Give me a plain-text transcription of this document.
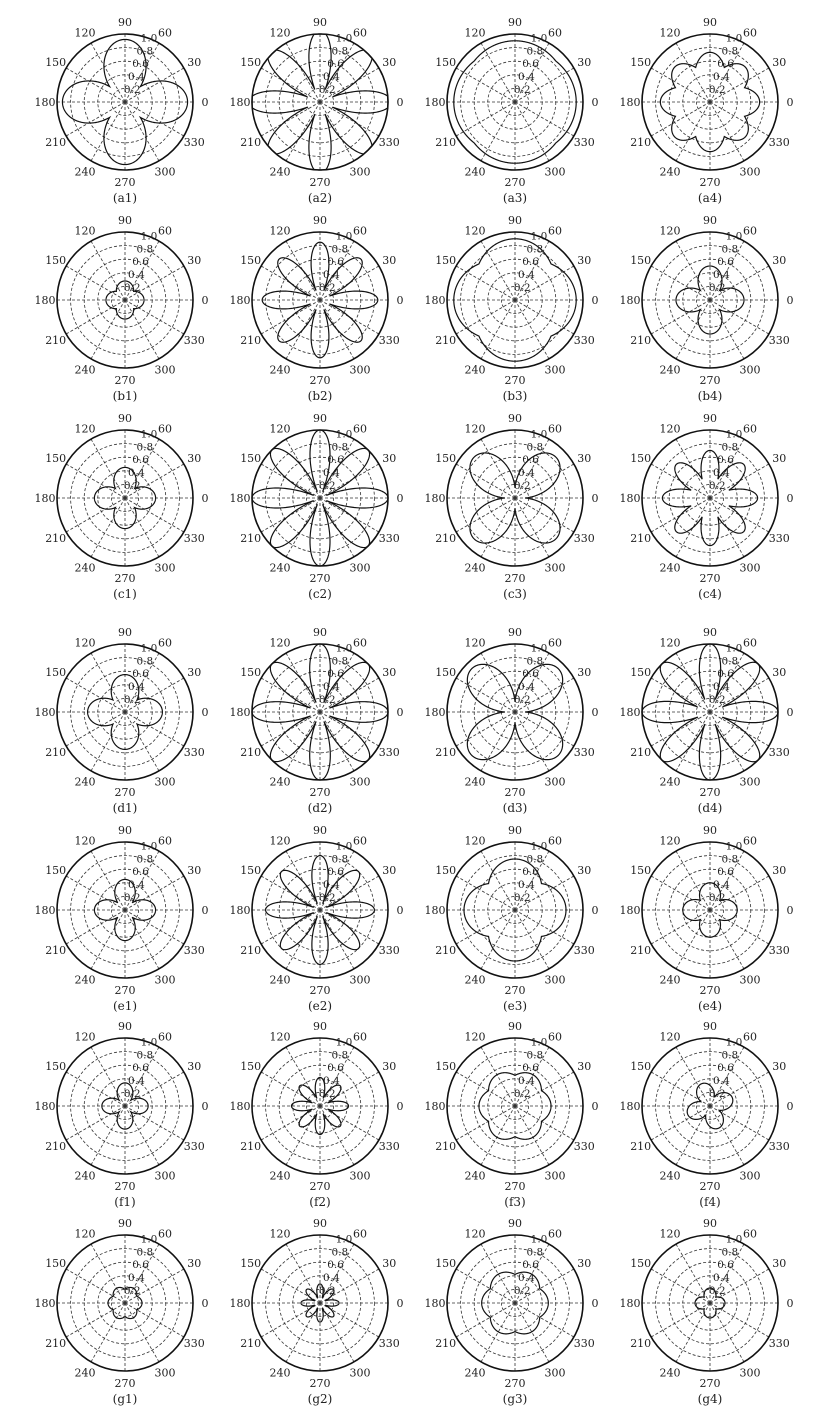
0
30
60
90
120
150
180
210
240
270
300
330
0.2
0.4
0.6
0.8
1.0
(a1)
0
30
60
90
120
150
180
210
240
270
300
330
0.2
0.4
0.6
0.8
1.0
(a2)
0
30
60
90
120
150
180
210
240
270
300
330
0.2
0.4
0.6
0.8
1.0
(a3)
0
30
60
90
120
150
180
210
240
270
300
330
0.2
0.4
0.6
0.8
1.0
(a4)
0
30
60
90
120
150
180
210
240
270
300
330
0.2
0.4
0.6
0.8
1.0
(b1)
0
30
60
90
120
150
180
210
240
270
300
330
0.2
0.4
0.6
0.8
1.0
(b2)
0
30
60
90
120
150
180
210
240
270
300
330
0.2
0.4
0.6
0.8
1.0
(b3)
0
30
60
90
120
150
180
210
240
270
300
330
0.2
0.4
0.6
0.8
1.0
(b4)
0
30
60
90
120
150
180
210
240
270
300
330
0.2
0.4
0.6
0.8
1.0
(c1)
0
30
60
90
120
150
180
210
240
270
300
330
0.2
0.4
0.6
0.8
1.0
(c2)
0
30
60
90
120
150
180
210
240
270
300
330
0.2
0.4
0.6
0.8
1.0
(c3)
0
30
60
90
120
150
180
210
240
270
300
330
0.2
0.4
0.6
0.8
1.0
(c4)
0
30
60
90
120
150
180
210
240
270
300
330
0.2
0.4
0.6
0.8
1.0
(d1)
0
30
60
90
120
150
180
210
240
270
300
330
0.2
0.4
0.6
0.8
1.0
(d2)
0
30
60
90
120
150
180
210
240
270
300
330
0.2
0.4
0.6
0.8
1.0
(d3)
0
30
60
90
120
150
180
210
240
270
300
330
0.2
0.4
0.6
0.8
1.0
(d4)
0
30
60
90
120
150
180
210
240
270
300
330
0.2
0.4
0.6
0.8
1.0
(e1)
0
30
60
90
120
150
180
210
240
270
300
330
0.2
0.4
0.6
0.8
1.0
(e2)
0
30
60
90
120
150
180
210
240
270
300
330
0.2
0.4
0.6
0.8
1.0
(e3)
0
30
60
90
120
150
180
210
240
270
300
330
0.2
0.4
0.6
0.8
1.0
(e4)
0
30
60
90
120
150
180
210
240
270
300
330
0.2
0.4
0.6
0.8
1.0
(f1)
0
30
60
90
120
150
180
210
240
270
300
330
0.2
0.4
0.6
0.8
1.0
(f2)
0
30
60
90
120
150
180
210
240
270
300
330
0.2
0.4
0.6
0.8
1.0
(f3)
0
30
60
90
120
150
180
210
240
270
300
330
0.2
0.4
0.6
0.8
1.0
(f4)
0
30
60
90
120
150
180
210
240
270
300
330
0.2
0.4
0.6
0.8
1.0
(g1)
0
30
60
90
120
150
180
210
240
270
300
330
0.2
0.4
0.6
0.8
1.0
(g2)
0
30
60
90
120
150
180
210
240
270
300
330
0.2
0.4
0.6
0.8
1.0
(g3)
0
30
60
90
120
150
180
210
240
270
300
330
0.2
0.4
0.6
0.8
1.0
(g4)
